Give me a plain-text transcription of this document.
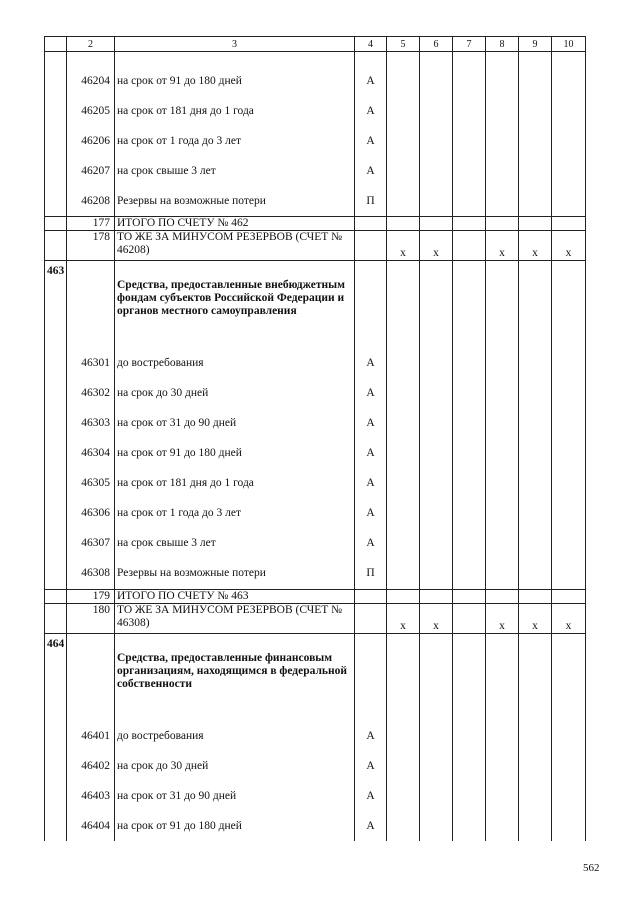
	2	3	4	5	6	7	8	9	10

	46204	на срок от 91 до 180 дней	А						
	46205	на срок от 181 дня до 1 года	А						
	46206	на срок от 1 года до 3 лет	А						
	46207	на срок свыше 3 лет	А						
	46208	Резервы на возможные потери	П						
	177	ИТОГО ПО СЧЕТУ № 462							
	178	ТО ЖЕ ЗА МИНУСОМ РЕЗЕРВОВ (СЧЕТ № 46208)		x	x		x	x	x
463		Средства, предоставленные внебюджетным фондам субъектов Российской Федерации и органов местного самоуправления							
	46301	до востребования	А						
	46302	на срок до 30 дней	А						
	46303	на срок от 31 до 90 дней	А						
	46304	на срок от 91 до 180 дней	А						
	46305	на срок от 181 дня до 1 года	А						
	46306	на срок от 1 года до 3 лет	А						
	46307	на срок свыше 3 лет	А						
	46308	Резервы на возможные потери	П						
	179	ИТОГО ПО СЧЕТУ № 463							
	180	ТО ЖЕ ЗА МИНУСОМ РЕЗЕРВОВ (СЧЕТ № 46308)		x	x		x	x	x
464		Средства, предоставленные финансовым организациям, находящимся в федеральной собственности							
	46401	до востребования	А						
	46402	на срок до 30 дней	А						
	46403	на срок от 31 до 90 дней	А						
	46404	на срок от 91 до 180 дней	А						
562
